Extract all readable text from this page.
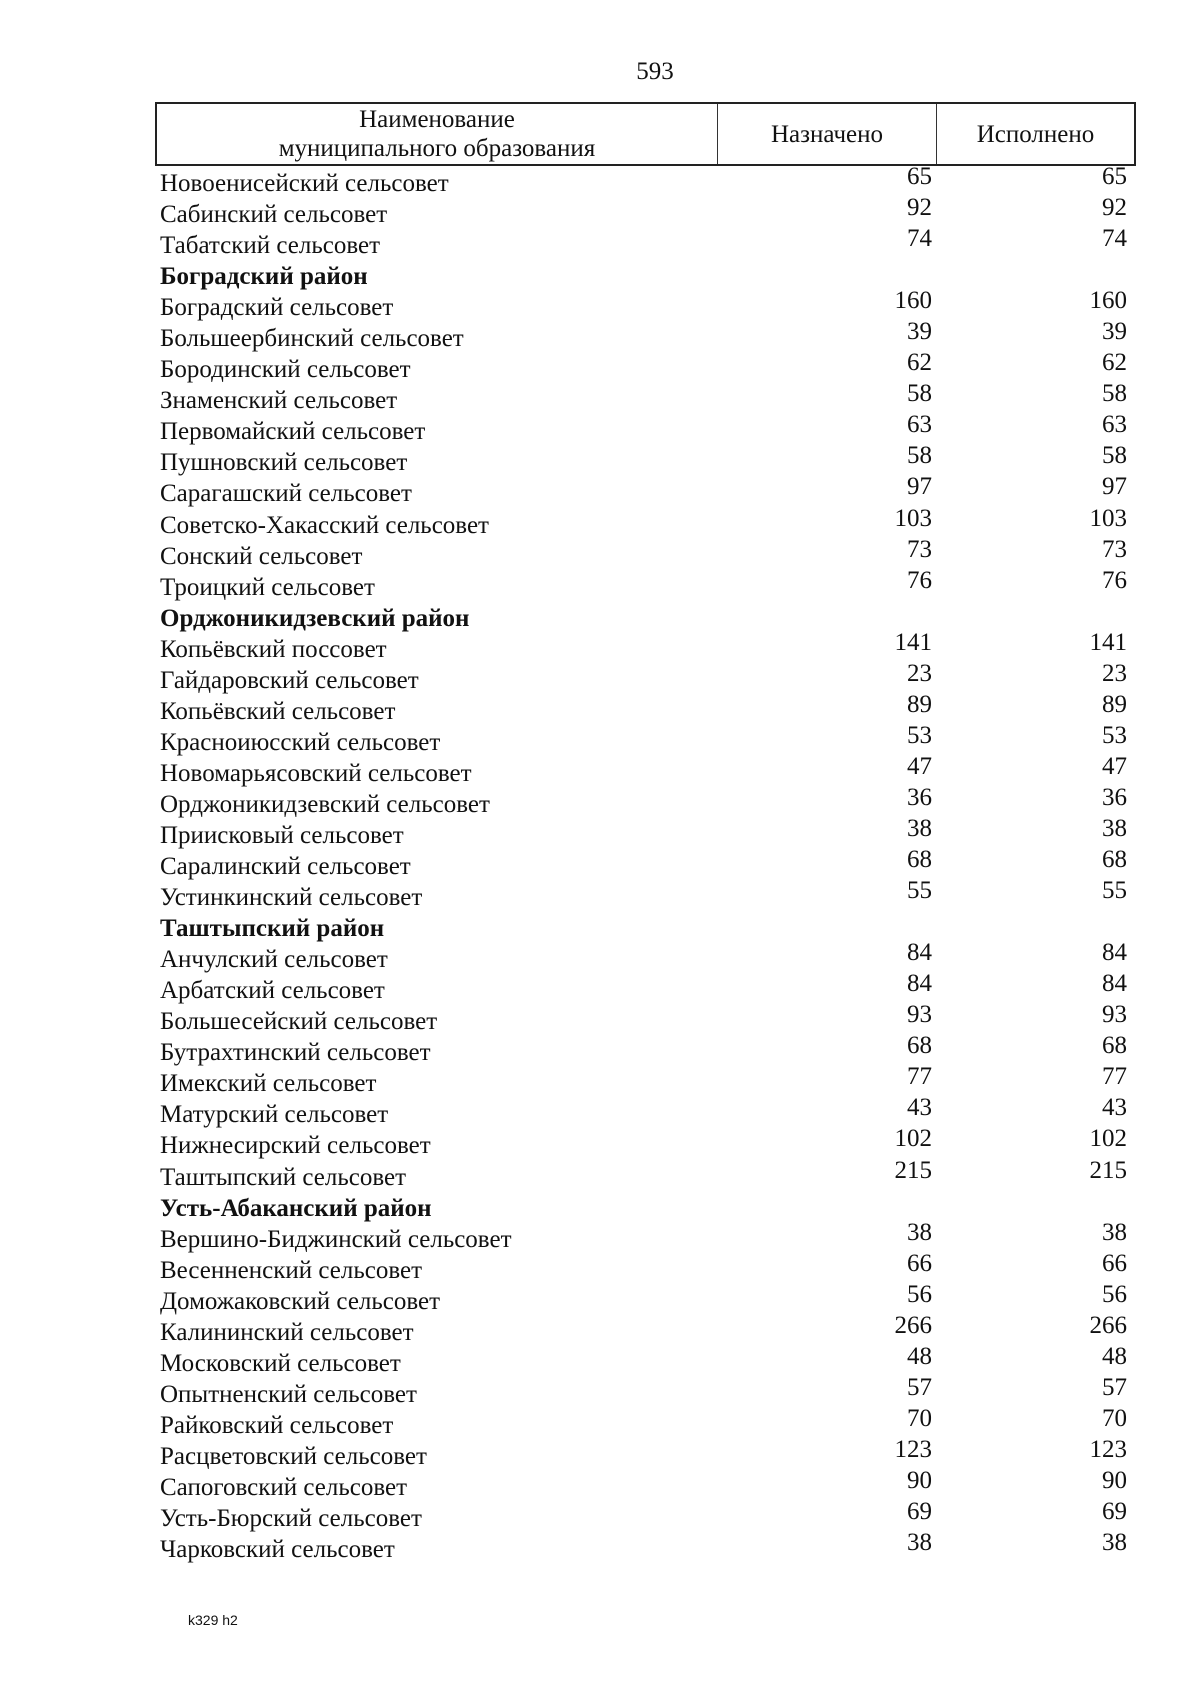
593
Наименование
муниципального образования
Назначено	Исполнено
Новоенисейский сельсовет	65	65
Сабинский сельсовет	92	92
Табатский сельсовет	74	74
Боградский район
Боградский сельсовет	160	160
Большеербинский сельсовет	39	39
Бородинский сельсовет	62	62
Знаменский сельсовет	58	58
Первомайский сельсовет	63	63
Пушновский сельсовет	58	58
Сарагашский сельсовет	97	97
Советско-Хакасский сельсовет	103	103
Сонский сельсовет	73	73
Троицкий сельсовет	76	76
Орджоникидзевский район
Копьёвский поссовет	141	141
Гайдаровский сельсовет	23	23
Копьёвский сельсовет	89	89
Красноиюсский сельсовет	53	53
Новомарьясовский сельсовет	47	47
Орджоникидзевский сельсовет	36	36
Приисковый сельсовет	38	38
Саралинский сельсовет	68	68
Устинкинский сельсовет	55	55
Таштыпский район
Анчулский сельсовет	84	84
Арбатский сельсовет	84	84
Большесейский сельсовет	93	93
Бутрахтинский сельсовет	68	68
Имекский сельсовет	77	77
Матурский сельсовет	43	43
Нижнесирский сельсовет	102	102
Таштыпский сельсовет	215	215
Усть-Абаканский район
Вершино-Биджинский сельсовет	38	38
Весенненский сельсовет	66	66
Доможаковский сельсовет	56	56
Калининский сельсовет	266	266
Московский сельсовет	48	48
Опытненский сельсовет	57	57
Райковский сельсовет	70	70
Расцветовский сельсовет	123	123
Сапоговский сельсовет	90	90
Усть-Бюрский сельсовет	69	69
Чарковский сельсовет	38	38
k329 h2
